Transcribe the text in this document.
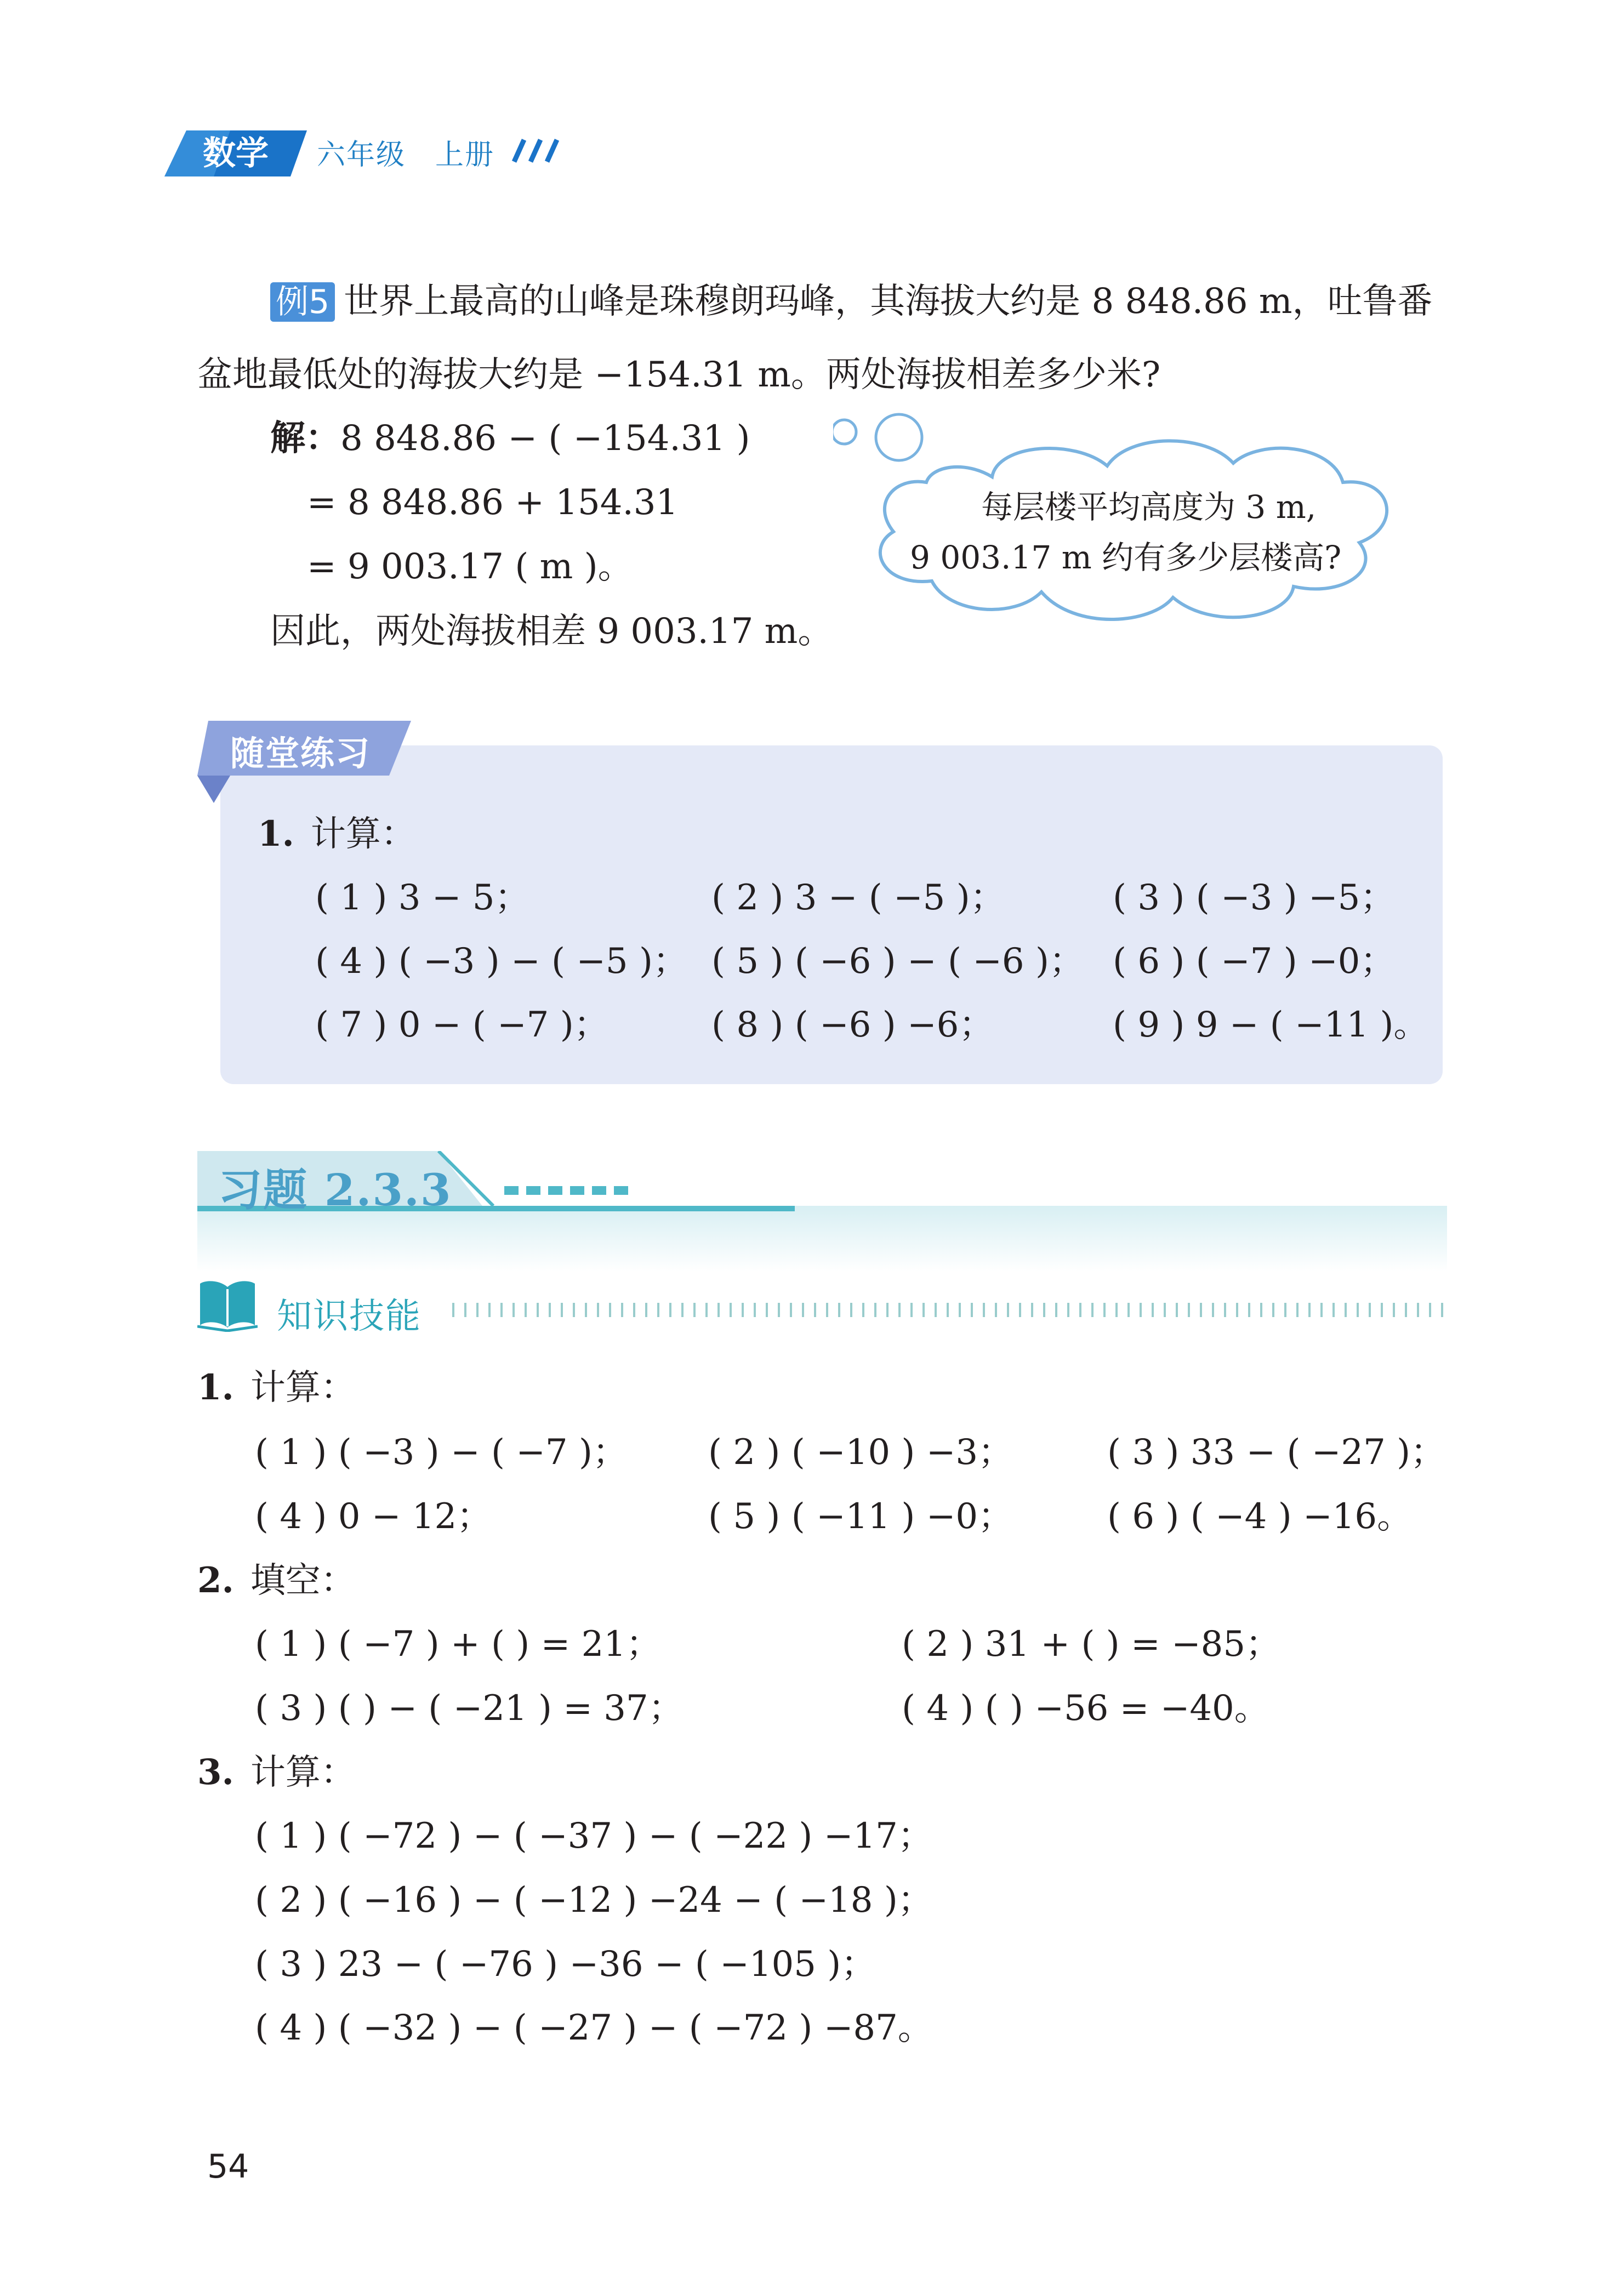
数学 六年级　上册
例5 世界上最高的山峰是珠穆朗玛峰，其海拔大约是 8 848.86 m，吐鲁番
盆地最低处的海拔大约是 −154.31 m。两处海拔相差多少米?
解：8 848.86 − ( −154.31 )
= 8 848.86 + 154.31
= 9 003.17 ( m )。
因此，两处海拔相差 9 003.17 m。
每层楼平均高度为 3 m,
9 003.17 m 约有多少层楼高?
随堂练习
1. 计算：
( 1 ) 3 − 5；	( 2 ) 3 − ( −5 )；	( 3 ) ( −3 ) −5；
( 4 ) ( −3 ) − ( −5 )； ( 5 ) ( −6 ) − ( −6 )； ( 6 ) ( −7 ) −0；
( 7 ) 0 − ( −7 )；	( 8 ) ( −6 ) −6；	( 9 ) 9 − ( −11 )。
习题 2.3.3
知识技能
1. 计算：
( 1 ) ( −3 ) − ( −7 )； ( 2 ) ( −10 ) −3；	( 3 ) 33 − ( −27 )；
( 4 ) 0 − 12；	( 5 ) ( −11 ) −0；	( 6 ) ( −4 ) −16。
2. 填空：
( 1 ) ( −7 ) + ( ) = 21；	( 2 ) 31 + ( ) = −85；
( 3 ) ( ) − ( −21 ) = 37；	( 4 ) ( ) −56 = −40。
3. 计算：
( 1 ) ( −72 ) − ( −37 ) − ( −22 ) −17；
( 2 ) ( −16 ) − ( −12 ) −24 − ( −18 )；
( 3 ) 23 − ( −76 ) −36 − ( −105 )；
( 4 ) ( −32 ) − ( −27 ) − ( −72 ) −87。
54
